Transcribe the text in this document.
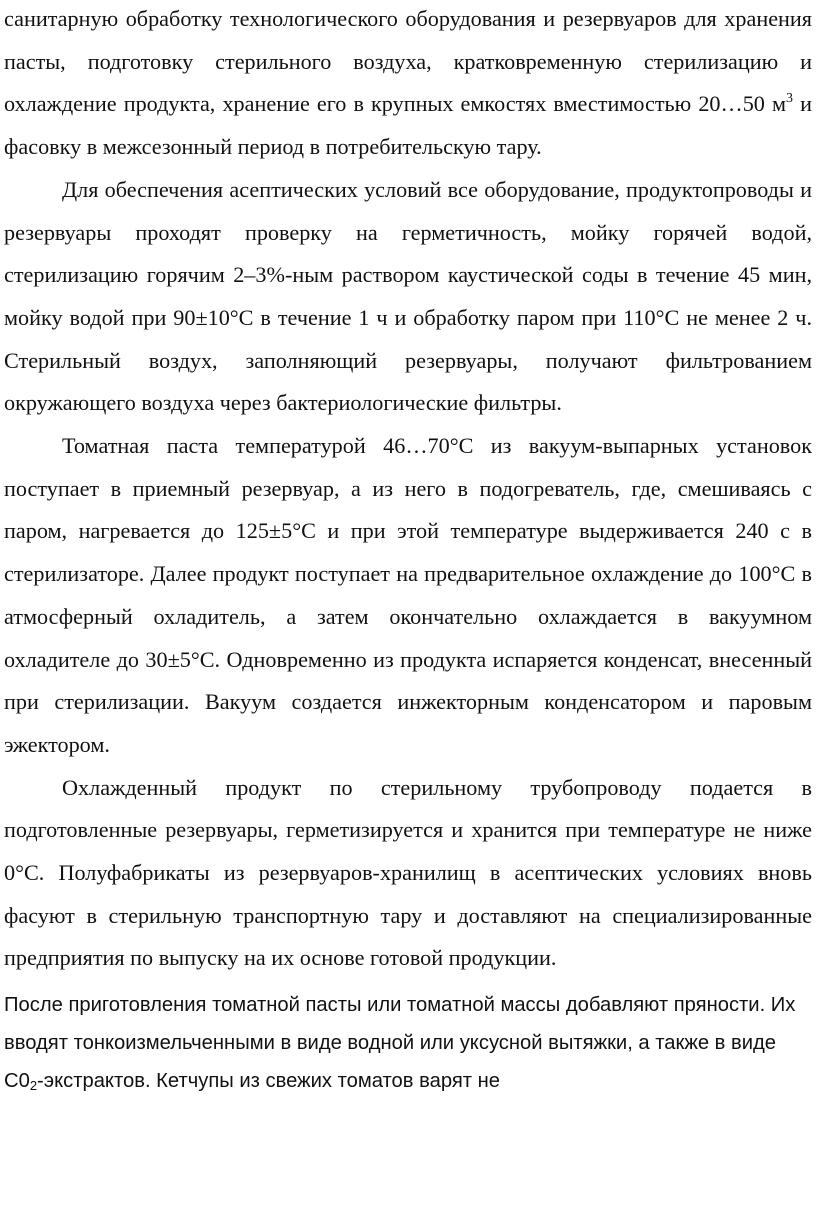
санитарную обработку технологического оборудования и резервуаров для хранения пасты, подготовку стерильного воздуха, кратковременную стерилизацию и охлаждение продукта, хранение его в крупных емкостях вместимостью 20…50 $м^3$ и фасовку в межсезонный период в потребительскую тару.

Для обеспечения асептических условий все оборудование, продуктопроводы и резервуары проходят проверку на герметичность, мойку горячей водой, стерилизацию горячим 2–3%-ным раствором каустической соды в течение 45 мин, мойку водой при 90±10°С в течение 1 ч и обработку паром при 110°С не менее 2 ч. Стерильный воздух, заполняющий резервуары, получают фильтрованием окружающего воздуха через бактериологические фильтры.

Томатная паста температурой 46…70°С из вакуум-выпарных установок поступает в приемный резервуар, а из него в подогреватель, где, смешиваясь с паром, нагревается до 125±5°С и при этой температуре выдерживается 240 с в стерилизаторе. Далее продукт поступает на предварительное охлаждение до 100°С в атмосферный охладитель, а затем окончательно охлаждается в вакуумном охладителе до 30±5°С. Одновременно из продукта испаряется конденсат, внесенный при стерилизации. Вакуум создается инжекторным конденсатором и паровым эжектором.

Охлажденный продукт по стерильному трубопроводу подается в подготовленные резервуары, герметизируется и хранится при температуре не ниже 0°С. Полуфабрикаты из резервуаров-хранилищ в асептических условиях вновь фасуют в стерильную транспортную тару и доставляют на специализированные предприятия по выпуску на их основе готовой продукции.

После приготовления томатной пасты или томатной массы добавляют пряности. Их вводят тонкоизмельченными в виде водной или уксусной вытяжки, а также в виде С02-экстрактов. Кетчупы из свежих томатов варят не
